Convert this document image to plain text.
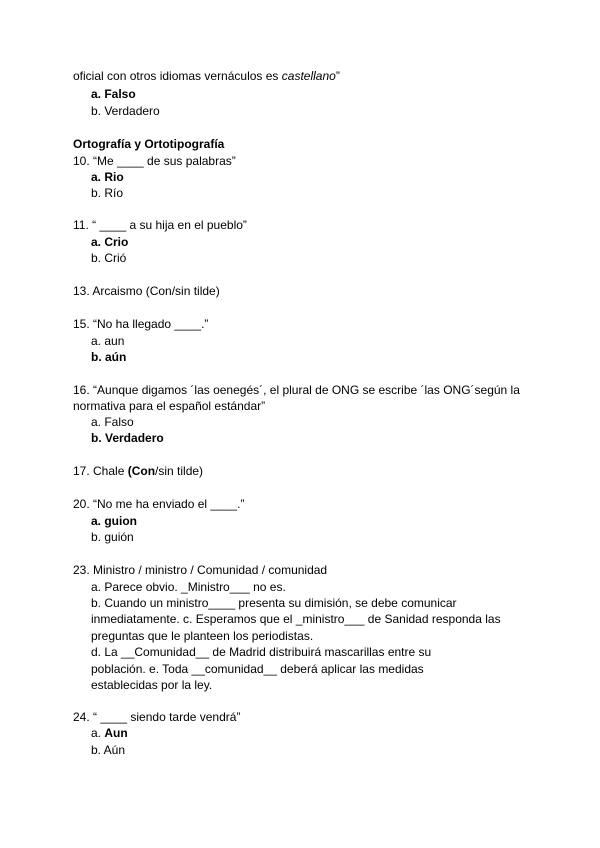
oficial con otros idiomas vernáculos es castellano”
a. Falso
b. Verdadero
Ortografía y Ortotipografía
10. “Me ____ de sus palabras”
a. Rio
b. Río
11. “ ____ a su hija en el pueblo”
a. Crio
b. Crió
13. Arcaismo (Con/sin tilde)
15. “No ha llegado ____.”
a. aun
b. aún
16. “Aunque digamos ´las oenegés´, el plural de ONG se escribe ´las ONG´según la
normativa para el español estándar”
a. Falso
b. Verdadero
17. Chale (Con/sin tilde)
20. “No me ha enviado el ____.”
a. guion
b. guión
23. Ministro / ministro / Comunidad / comunidad
a. Parece obvio. _Ministro___ no es.
b. Cuando un ministro____ presenta su dimisión, se debe comunicar
inmediatamente. c. Esperamos que el _ministro___ de Sanidad responda las
preguntas que le planteen los periodistas.
d. La __Comunidad__ de Madrid distribuirá mascarillas entre su
población. e. Toda __comunidad__ deberá aplicar las medidas
establecidas por la ley.
24. “ ____ siendo tarde vendrá”
a. Aun
b. Aún
